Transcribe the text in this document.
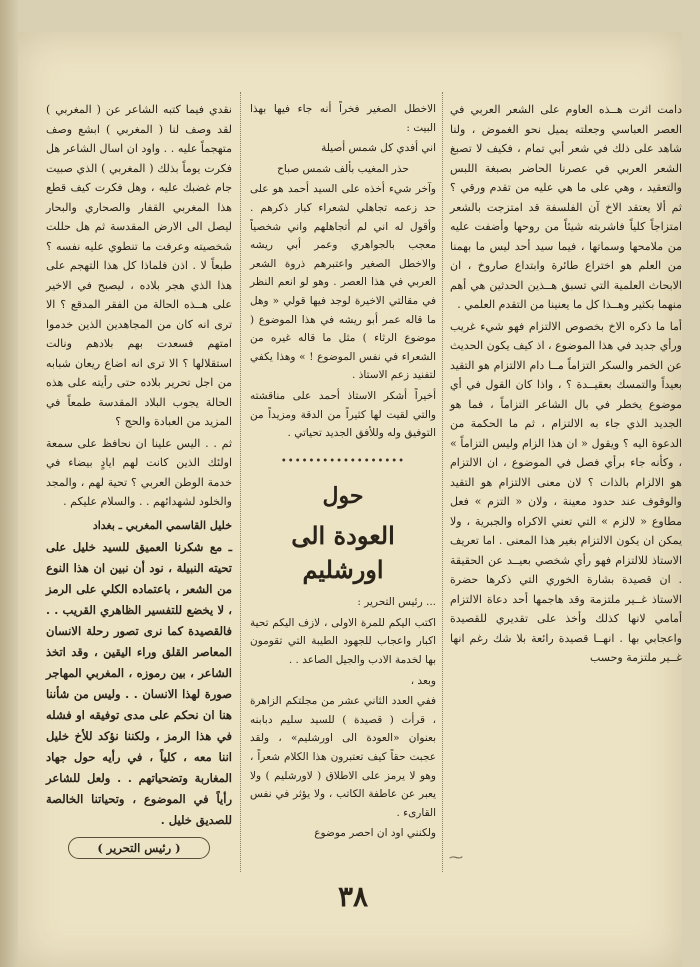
دامت اثرت هــذه العاوم على الشعر العربي في العصر العباسي وجعلته يميل نحو الغموض ، ولنا شاهد على ذلك في شعر أبي تمام ، فكيف لا تصبغ الشعر العربي في عصرنا الحاضر بصبغة اللبس والتعقيد ، وهي على ما هي عليه من تقدم ورقي ؟ ثم ألا يعتقد الاخ آن الفلسفة قد امتزجت بالشعر امتزاجاً كلياً فاشربته شيئاً من روحها وأضفت عليه من ملامحها وسماتها ، فيما سيد أحد ليس ما بهمنا من العلم هو اختراع طائرة وابتداع صاروخ ، ان الابحاث العلمية التي تسبق هــذين الحدثين هي أهم منهما بكثير وهــذا كل ما يعنينا من التقدم العلمي .

أما ما ذكره الاخ بخصوص الالتزام فهو شيء غريب ورأي جديد في هذا الموضوع ، اذ كيف يكون الحديث عن الخمر والسكر التزاماً مــا دام الالتزام هو التقيد بعيداً والتمسك بعقيــدة ؟ ، واذا كان القول في أي موضوع يخطر في بال الشاعر التزاماً ، فما هو الجديد الذي جاء به الالتزام ، ثم ما الحكمة من الدعوة اليه ؟ ويقول « ان هذا الزام وليس التزاماً » ، وكأنه جاء برأي فصل في الموضوع ، ان الالتزام هو الالزام بالذات ؟ لان معنى الالتزام هو التقيد والوقوف عند حدود معينة ، ولان « التزم » فعل مطاوع « لالزم » التي تعني الاكراه والجبرية ، ولا يمكن ان يكون الالتزام بغير هذا المعنى . اما تعريف الاستاذ للالتزام فهو رأي شخصي بعيــد عن الحقيقة . ان قصيدة بشارة الخوري التي ذكرها حضرة الاستاذ غــير ملتزمة وقد هاجمها أحد دعاة الالتزام أمامي لانها كذلك وأخذ على تقديري للقصيدة واعجابي بها . انهــا قصيدة رائعة بلا شك رغم انها غــير ملتزمة وحسب

الاخطل الصغير فخراً أنه جاء فيها بهذا البيت :

اني أفدي كل شمس أصيلة

حذر المغيب بألف شمس صباح

وآخر شيء أخذه على السيد أحمد هو على حد زعمه تجاهلي لشعراء كبار ذكرهم . وأقول له اني لم أتجاهلهم واني شخصياً معجب بالجواهري وعمر أبي ريشه والاخطل الصغير واعتبرهم ذروة الشعر العربي في هذا العصر . وهو لو انعم النظر في مقالتي الاخيرة لوجد فيها قولي « وهل ما قاله عمر أبو ريشه في هذا الموضوع ( موضوع الرثاء ) مثل ما قاله غيره من الشعراء في نفس الموضوع ! » وهذا يكفي لتفنيد زعم الاستاذ .

أخيراً أشكر الاستاذ أحمد على مناقشته والتي لقيت لها كثيراً من الدقة ومزيداً من التوفيق وله وللأفق الجديد تحياتي .

••••••••••••••••••

حول

العودة الى اورشليم

... رئيس التحرير :

اكتب اليكم للمرة الاولى ، لازف اليكم تحية اكبار واعجاب للجهود الطيبة التي تقومون بها لخدمة الادب والجيل الصاعد . .

وبعد ،

ففي العدد الثاني عشر من مجلتكم الزاهرة ، قرأت ( قصيدة ) للسيد سليم دبابنه بعنوان «العودة الى اورشليم» ، ولقد عجبت حقاً كيف تعتبرون هذا الكلام شعراً ، وهو لا يرمز على الاطلاق ( لاورشليم ) ولا يعبر عن عاطفة الكاتب ، ولا يؤثر في نفس القارىء .

ولكنني اود ان احصر موضوع

نقدي فيما كتبه الشاعر عن ( المغربي ) لقد وصف لنا ( المغربي ) ابشع وصف متهجماً عليه . . واود ان اسال الشاعر هل فكرت يوماً بذلك ( المغربي ) الذي صبيت جام غضبك عليه ، وهل فكرت كيف قطع هذا المغربي القفار والصحاري والبحار ليصل الى الارض المقدسة ثم هل حللت شخصيته وعرفت ما تنطوي عليه نفسه ؟ طبعاً لا . اذن فلماذا كل هذا التهجم على هذا الذي هجر بلاده ، ليصبح في الاخير على هــذه الحالة من الفقر المدقع ؟ الا ترى انه كان من المجاهدين الذين خدموا امتهم فسعدت بهم بلادهم ونالت استقلالها ؟ الا ترى انه اضاع ريعان شبابه من اجل تحرير بلاده حتى رأيته على هذه الحالة يجوب البلاد المقدسة طمعاً في المزيد من العبادة والحج ؟

ثم . . اليس علينا ان نحافظ على سمعة اولئك الذين كانت لهم ايادٍ بيضاء في خدمة الوطن العربي ؟ تحية لهم ، والمجد والخلود لشهدائهم . . والسلام عليكم .

خليل القاسمي المغربي ـ بغداد

ـ مع شكرنا العميق للسيد خليل على تحيته النبيلة ، نود أن نبين ان هذا النوع من الشعر ، باعتماده الكلي على الرمز ، لا يخضع للتفسير الظاهري القريب . . فالقصيدة كما نرى تصور رحلة الانسان المعاصر القلق وراء اليقين ، وقد اتخذ الشاعر ، بين رموزه ، المغربي المهاجر صورة لهذا الانسان . . وليس من شأننا هنا ان نحكم على مدى توفيقه او فشله في هذا الرمز ، ولكننا نؤكد للأخ خليل اننا معه ، كلياً ، في رأيه حول جهاد المغاربة وتضحياتهم . . ولعل للشاعر رأياً في الموضوع ، وتحياتنا الخالصة للصديق خليل .

( رئيس التحرير )

⁓
٣٨
